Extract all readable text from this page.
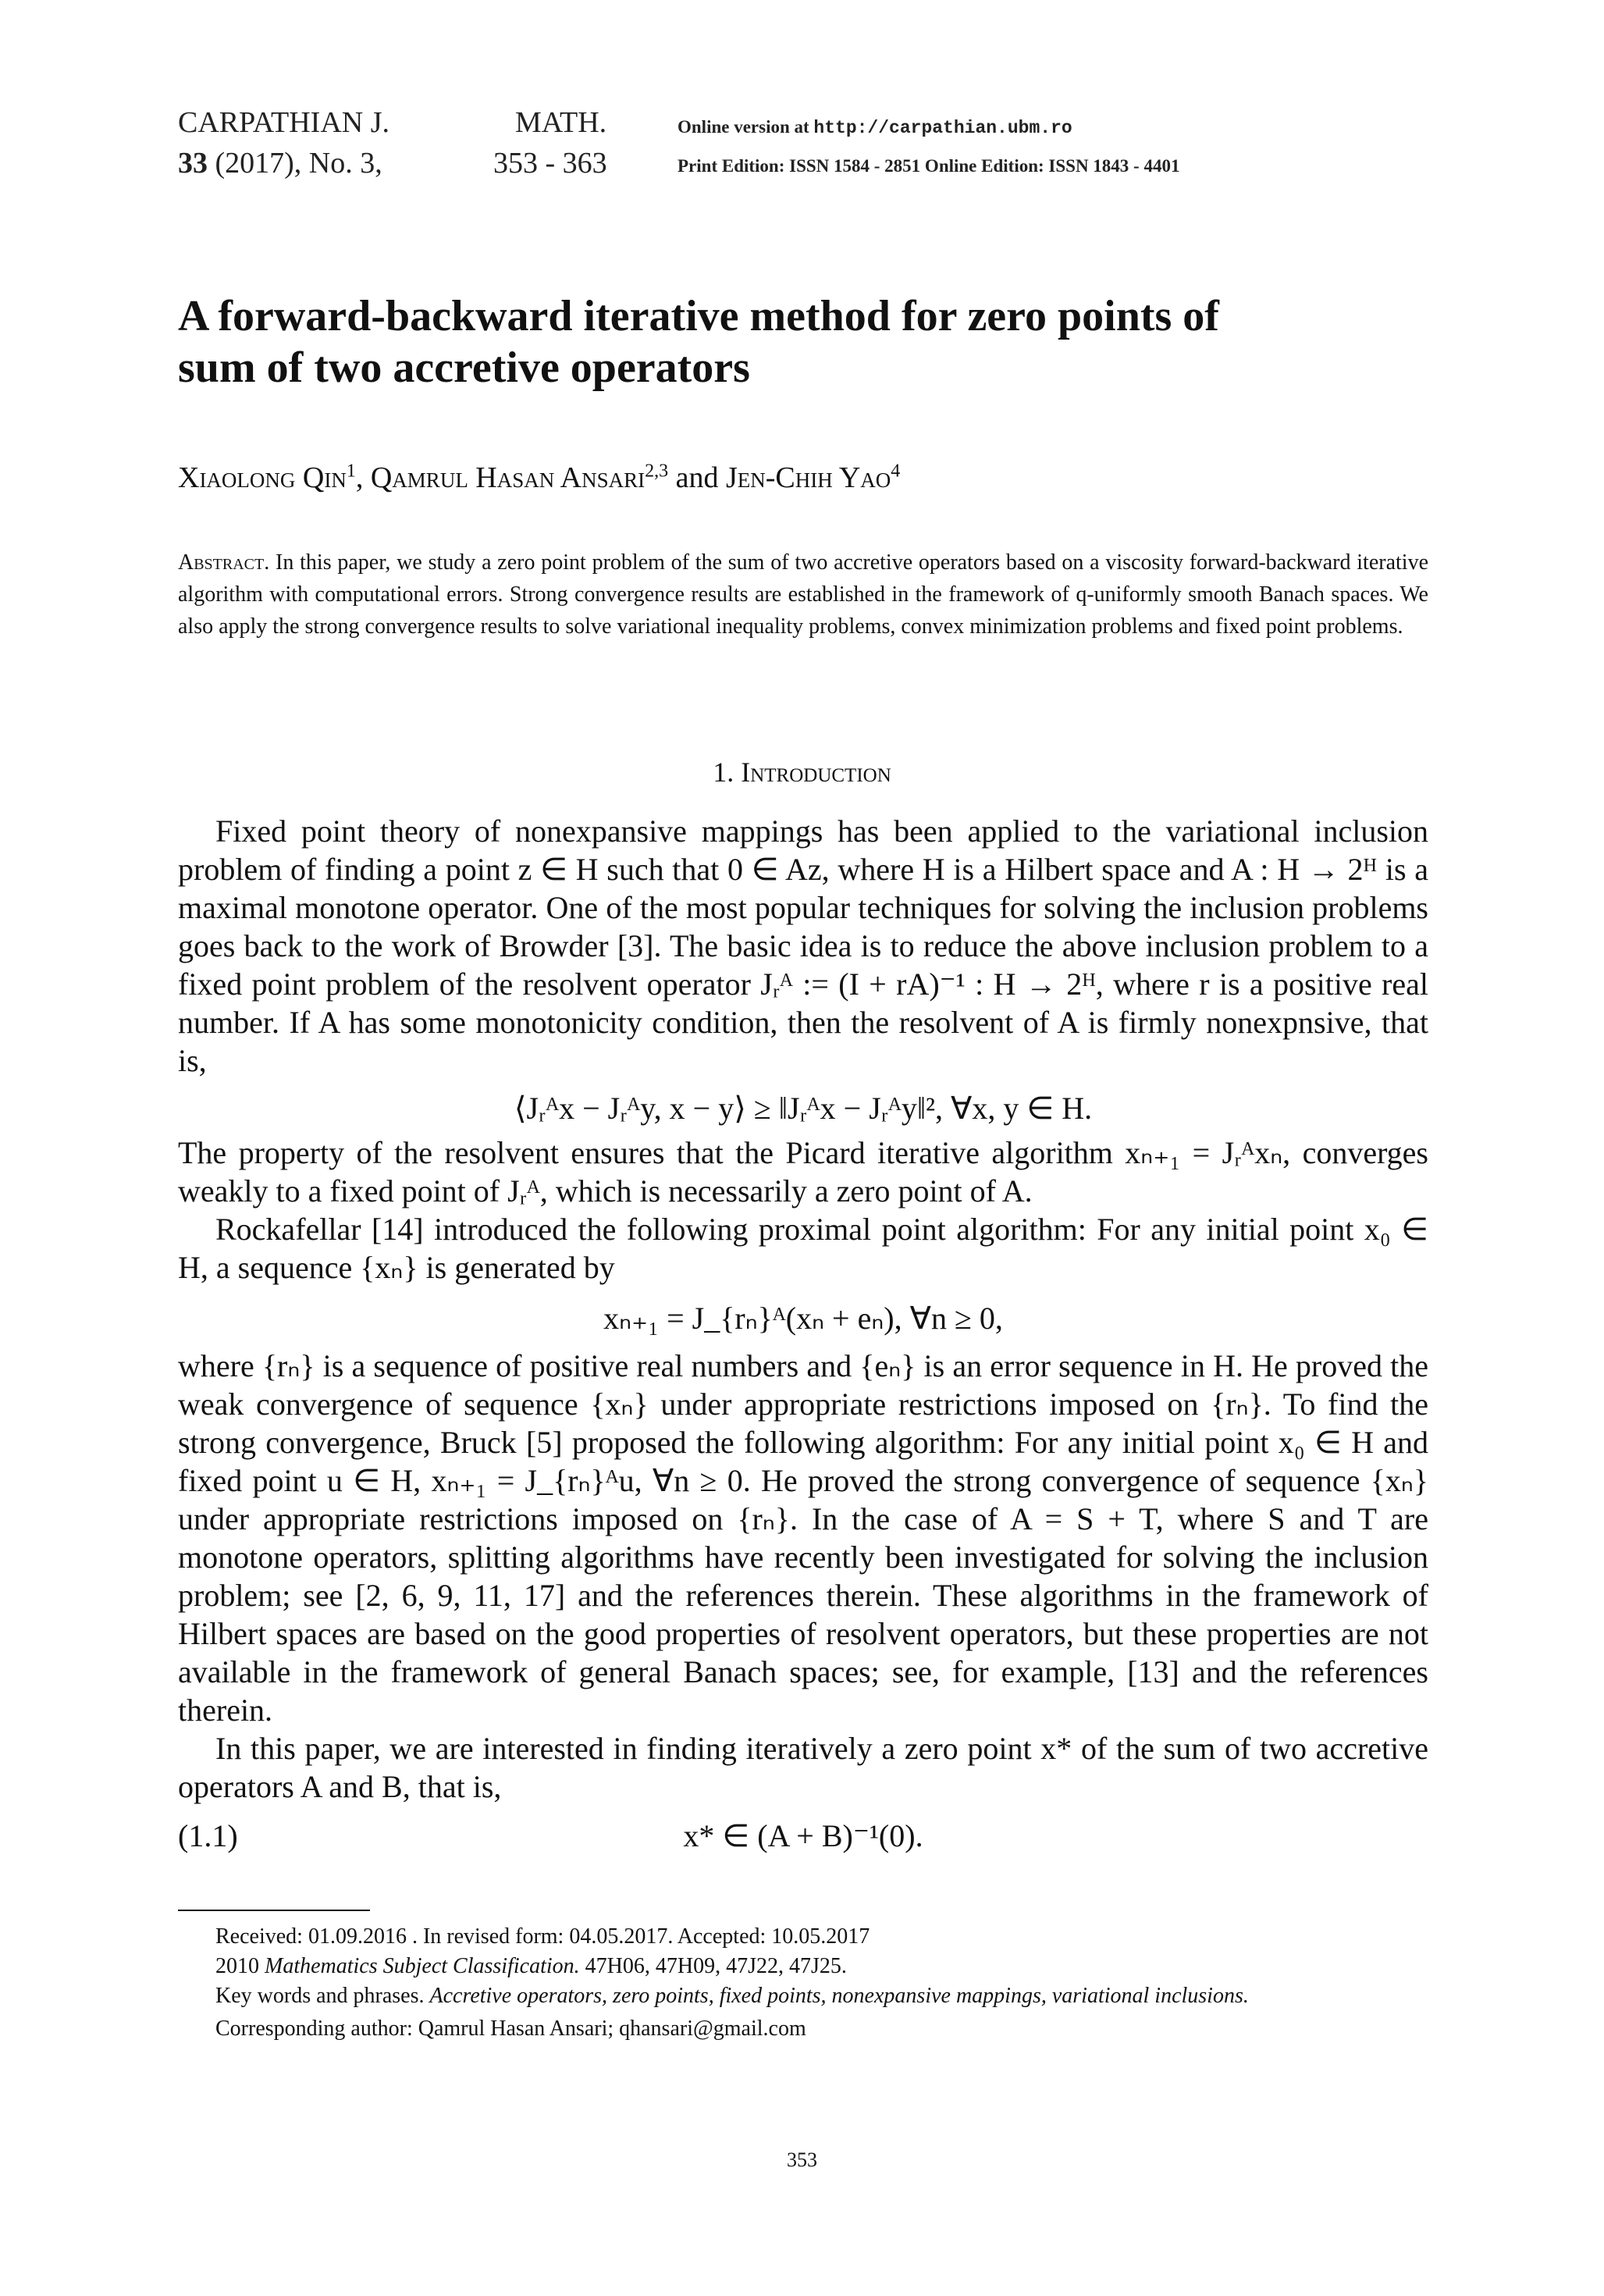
CARPATHIAN J.	MATH.
33 (2017), No. 3,	353 - 363
Online version at http://carpathian.ubm.ro
Print Edition: ISSN 1584 - 2851 Online Edition: ISSN 1843 - 4401
A forward-backward iterative method for zero points of
sum of two accretive operators
Xiaolong Qin$^1$, Qamrul Hasan Ansari$^{2,3}$ and Jen-Chih Yao$^4$
Abstract. In this paper, we study a zero point problem of the sum of two accretive operators based on a viscosity forward-backward iterative algorithm with computational errors. Strong convergence results are established in the framework of q-uniformly smooth Banach spaces. We also apply the strong convergence results to solve variational inequality problems, convex minimization problems and fixed point problems.
1. Introduction

Fixed point theory of nonexpansive mappings has been applied to the variational inclusion problem of finding a point z ∈ H such that 0 ∈ Az, where H is a Hilbert space and A : H → 2ᴴ is a maximal monotone operator. One of the most popular techniques for solving the inclusion problems goes back to the work of Browder [3]. The basic idea is to reduce the above inclusion problem to a fixed point problem of the resolvent operator Jᵣᴬ := (I + rA)⁻¹ : H → 2ᴴ, where r is a positive real number. If A has some monotonicity condition, then the resolvent of A is firmly nonexpnsive, that is,

⟨Jᵣᴬx − Jᵣᴬy, x − y⟩ ≥ ‖Jᵣᴬx − Jᵣᴬy‖², ∀x, y ∈ H.

The property of the resolvent ensures that the Picard iterative algorithm xₙ₊₁ = Jᵣᴬxₙ, converges weakly to a fixed point of Jᵣᴬ, which is necessarily a zero point of A.

Rockafellar [14] introduced the following proximal point algorithm: For any initial point x₀ ∈ H, a sequence {xₙ} is generated by

xₙ₊₁ = J_{rₙ}ᴬ(xₙ + eₙ), ∀n ≥ 0,

where {rₙ} is a sequence of positive real numbers and {eₙ} is an error sequence in H. He proved the weak convergence of sequence {xₙ} under appropriate restrictions imposed on {rₙ}. To find the strong convergence, Bruck [5] proposed the following algorithm: For any initial point x₀ ∈ H and fixed point u ∈ H, xₙ₊₁ = J_{rₙ}ᴬu, ∀n ≥ 0. He proved the strong convergence of sequence {xₙ} under appropriate restrictions imposed on {rₙ}. In the case of A = S + T, where S and T are monotone operators, splitting algorithms have recently been investigated for solving the inclusion problem; see [2, 6, 9, 11, 17] and the references therein. These algorithms in the framework of Hilbert spaces are based on the good properties of resolvent operators, but these properties are not available in the framework of general Banach spaces; see, for example, [13] and the references therein.

In this paper, we are interested in finding iteratively a zero point x* of the sum of two accretive operators A and B, that is,

(1.1)	x* ∈ (A + B)⁻¹(0).
Received: 01.09.2016 . In revised form: 04.05.2017. Accepted: 10.05.2017
2010 Mathematics Subject Classification. 47H06, 47H09, 47J22, 47J25.
Key words and phrases. Accretive operators, zero points, fixed points, nonexpansive mappings, variational inclusions.
Corresponding author: Qamrul Hasan Ansari; qhansari@gmail.com
353
